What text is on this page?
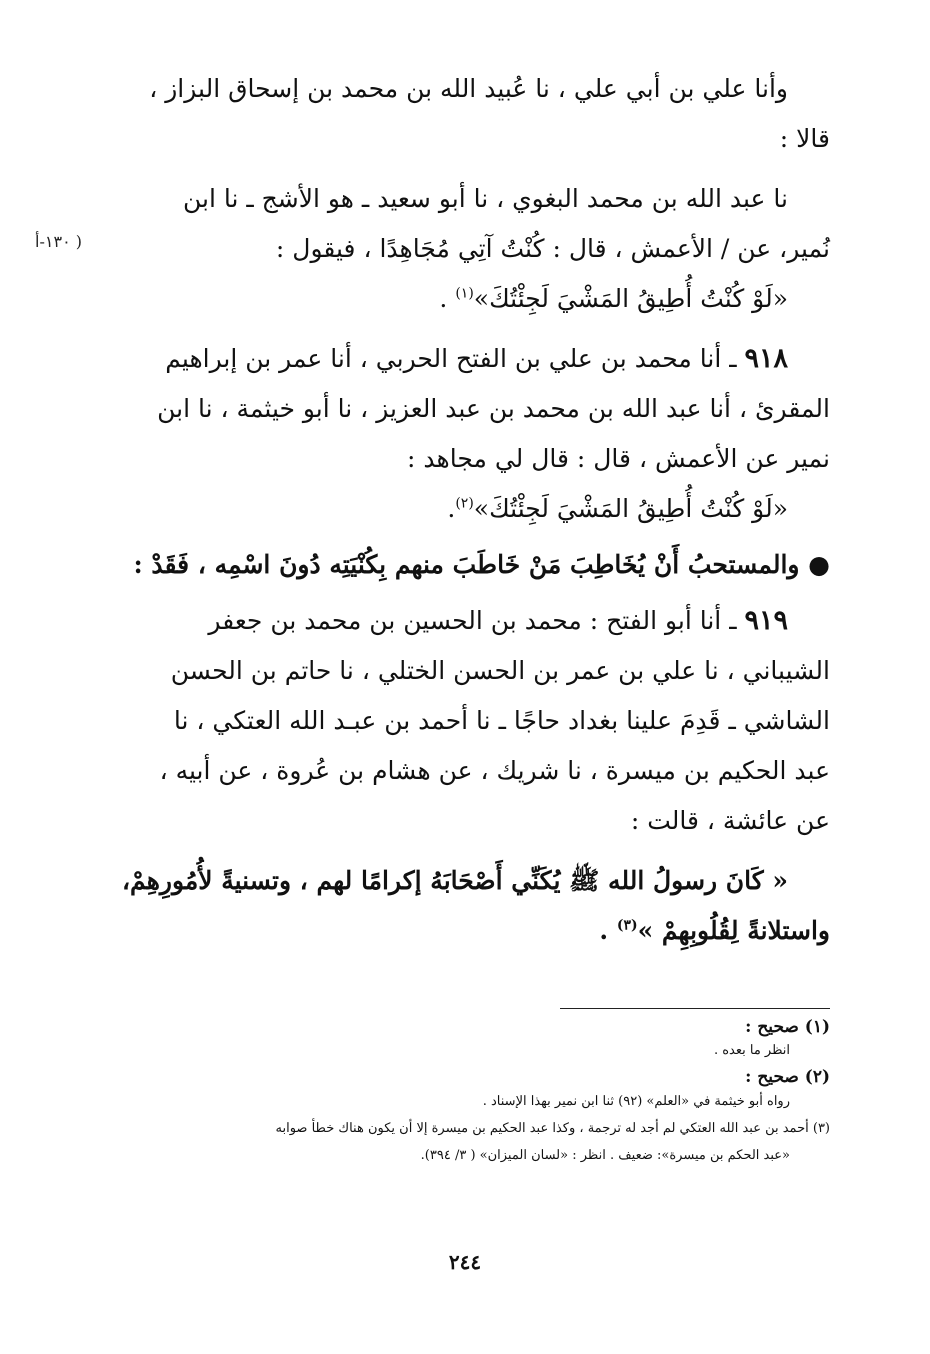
( ١٣٠-أ

وأنا علي بن أبي علي ، نا عُبيد الله بن محمد بن إسحاق البزاز ،
قالا :

نا عبد الله بن محمد البغوي ، نا أبو سعيد ـ هو الأشج ـ نا ابن
نُمير، عن / الأعمش ، قال : كُنْتُ آتِي مُجَاهِدًا ، فيقول :
«لَوْ كُنْتُ أُطِيقُ المَشْيَ لَجِئْتُكَ»$^{(١)}$ .

٩١٨ ـ أنا محمد بن علي بن الفتح الحربي ، أنا عمر بن إبراهيم
المقرئ ، أنا عبد الله بن محمد بن عبد العزيز ، نا أبو خيثمة ، نا ابن
نمير عن الأعمش ، قال : قال لي مجاهد :
«لَوْ كُنْتُ أُطِيقُ المَشْيَ لَجِئْتُكَ»$^{(٢)}$.

● والمستحبُ أَنْ يُخَاطِبَ مَنْ خَاطَبَ منهم بِكُنْيَتِه دُونَ اسْمِه ، فَقَدْ :

٩١٩ ـ أنا أبو الفتح : محمد بن الحسين بن محمد بن جعفر
الشيباني ، نا علي بن عمر بن الحسن الختلي ، نا حاتم بن الحسن
الشاشي ـ قَدِمَ علينا بغداد حاجًا ـ نا أحمد بن عبـد الله العتكي ، نا
عبد الحكيم بن ميسرة ، نا شريك ، عن هشام بن عُروة ، عن أبيه ،
عن عائشة ، قالت :

« كَانَ رسولُ الله ﷺ يُكَنِّي أَصْحَابَهُ إكرامًا لهم ، وتسنيةً لأُمُورِهِمْ،
واستلانةً لِقُلُوبِهِمْ »$^{(٣)}$ .

(١) صحيح :

انظر ما بعده .

(٢) صحيح :

رواه أبو خيثمة في «العلم» (٩٢) ثنا ابن نمير بهذا الإسناد .

(٣) أحمد بن عبد الله العتكي لم أجد له ترجمة ، وكذا عبد الحكيم بن ميسرة إلا أن يكون هناك خطأ صوابه

«عبد الحكم بن ميسرة»: ضعيف . انظر : «لسان الميزان» ( ٣/ ٣٩٤).

٢٤٤
